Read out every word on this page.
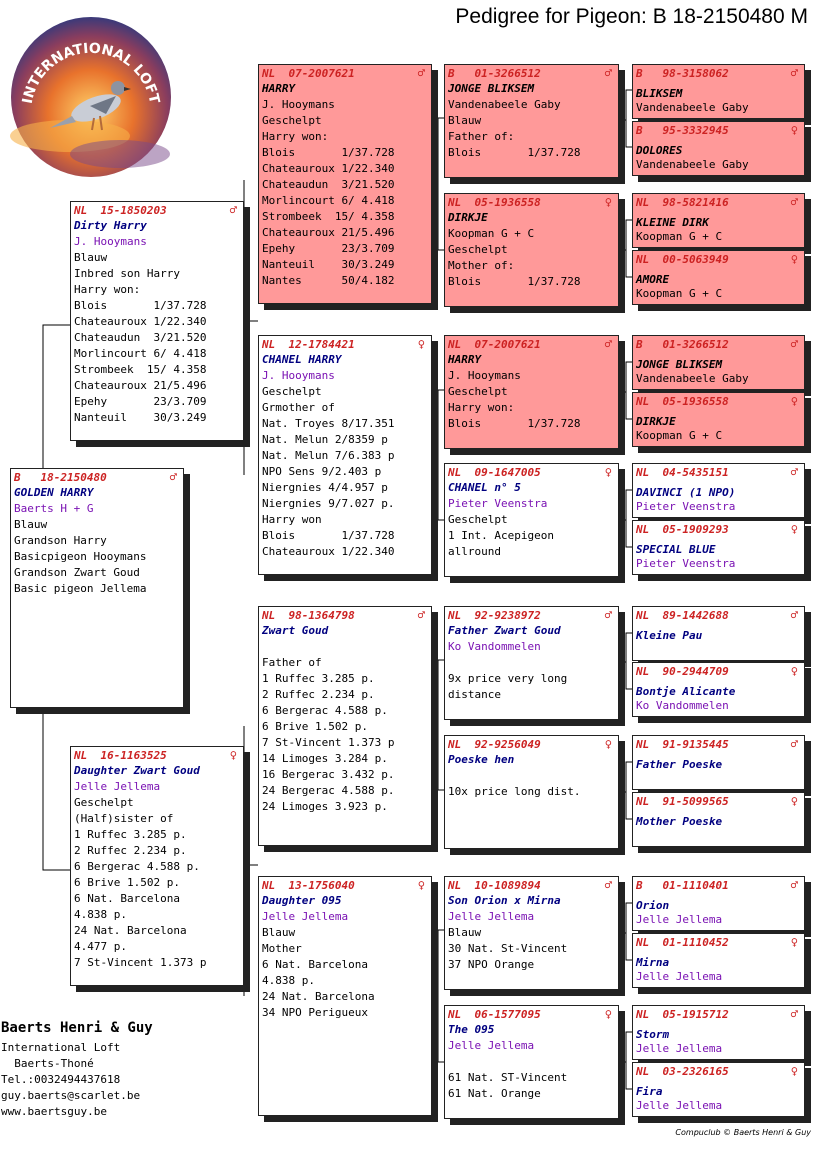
Pedigree for Pigeon: B 18-2150480 M
INTERNATIONAL LOFT
B   18-2150480	♂
GOLDEN HARRY
Baerts H + G
Blauw
Grandson Harry
Basicpigeon Hooymans
Grandson Zwart Goud
Basic pigeon Jellema
NL  15-1850203	♂
Dirty Harry
J. Hooymans
Blauw
Inbred son Harry
Harry won:
Blois       1/37.728
Chateauroux 1/22.340
Chateaudun  3/21.520
Morlincourt 6/ 4.418
Strombeek  15/ 4.358
Chateauroux 21/5.496
Epehy       23/3.709
Nanteuil    30/3.249
NL  16-1163525	♀
Daughter Zwart Goud
Jelle Jellema
Geschelpt
(Half)sister of
1 Ruffec 3.285 p.
2 Ruffec 2.234 p.
6 Bergerac 4.588 p.
6 Brive 1.502 p.
6 Nat. Barcelona
4.838 p.
24 Nat. Barcelona
4.477 p.
7 St-Vincent 1.373 p
NL  07-2007621	♂
HARRY
J. Hooymans
Geschelpt
Harry won:
Blois       1/37.728
Chateauroux 1/22.340
Chateaudun  3/21.520
Morlincourt 6/ 4.418
Strombeek  15/ 4.358
Chateauroux 21/5.496
Epehy       23/3.709
Nanteuil    30/3.249
Nantes      50/4.182
NL  12-1784421	♀
CHANEL HARRY
J. Hooymans
Geschelpt
Grmother of
Nat. Troyes 8/17.351
Nat. Melun 2/8359 p
Nat. Melun 7/6.383 p
NPO Sens 9/2.403 p
Niergnies 4/4.957 p
Niergnies 9/7.027 p.
Harry won
Blois       1/37.728
Chateauroux 1/22.340
NL  98-1364798	♂
Zwart Goud

Father of
1 Ruffec 3.285 p.
2 Ruffec 2.234 p.
6 Bergerac 4.588 p.
6 Brive 1.502 p.
7 St-Vincent 1.373 p
14 Limoges 3.284 p.
16 Bergerac 3.432 p.
24 Bergerac 4.588 p.
24 Limoges 3.923 p.
NL  13-1756040	♀
Daughter 095
Jelle Jellema
Blauw
Mother
6 Nat. Barcelona
4.838 p.
24 Nat. Barcelona
34 NPO Perigueux
B   01-3266512	♂
JONGE BLIKSEM
Vandenabeele Gaby
Blauw
Father of:
Blois       1/37.728
NL  05-1936558	♀
DIRKJE
Koopman G + C
Geschelpt
Mother of:
Blois       1/37.728
NL  07-2007621	♂
HARRY
J. Hooymans
Geschelpt
Harry won:
Blois       1/37.728
NL  09-1647005	♀
CHANEL n° 5
Pieter Veenstra
Geschelpt
1 Int. Acepigeon
allround
NL  92-9238972	♂
Father Zwart Goud
Ko Vandommelen

9x price very long
distance
NL  92-9256049	♀
Poeske hen

10x price long dist.
NL  10-1089894	♂
Son Orion x Mirna
Jelle Jellema
Blauw
30 Nat. St-Vincent
37 NPO Orange
NL  06-1577095	♀
The 095
Jelle Jellema

61 Nat. ST-Vincent
61 Nat. Orange
B   98-3158062	♂
BLIKSEM
Vandenabeele Gaby
B   95-3332945	♀
DOLORES
Vandenabeele Gaby
NL  98-5821416	♂
KLEINE DIRK
Koopman G + C
NL  00-5063949	♀
AMORE
Koopman G + C
B   01-3266512	♂
JONGE BLIKSEM
Vandenabeele Gaby
NL  05-1936558	♀
DIRKJE
Koopman G + C
NL  04-5435151	♂
DAVINCI (1 NPO)
Pieter Veenstra
NL  05-1909293	♀
SPECIAL BLUE
Pieter Veenstra
NL  89-1442688	♂
Kleine Pau
NL  90-2944709	♀
Bontje Alicante
Ko Vandommelen
NL  91-9135445	♂
Father Poeske
NL  91-5099565	♀
Mother Poeske
B   01-1110401	♂
Orion
Jelle Jellema
NL  01-1110452	♀
Mirna
Jelle Jellema
NL  05-1915712	♂
Storm
Jelle Jellema
NL  03-2326165	♀
Fira
Jelle Jellema
Baerts Henri & Guy
International Loft
Baerts-Thoné
Tel.:0032494437618
guy.baerts@scarlet.be
www.baertsguy.be
Compuclub © Baerts Henri & Guy
